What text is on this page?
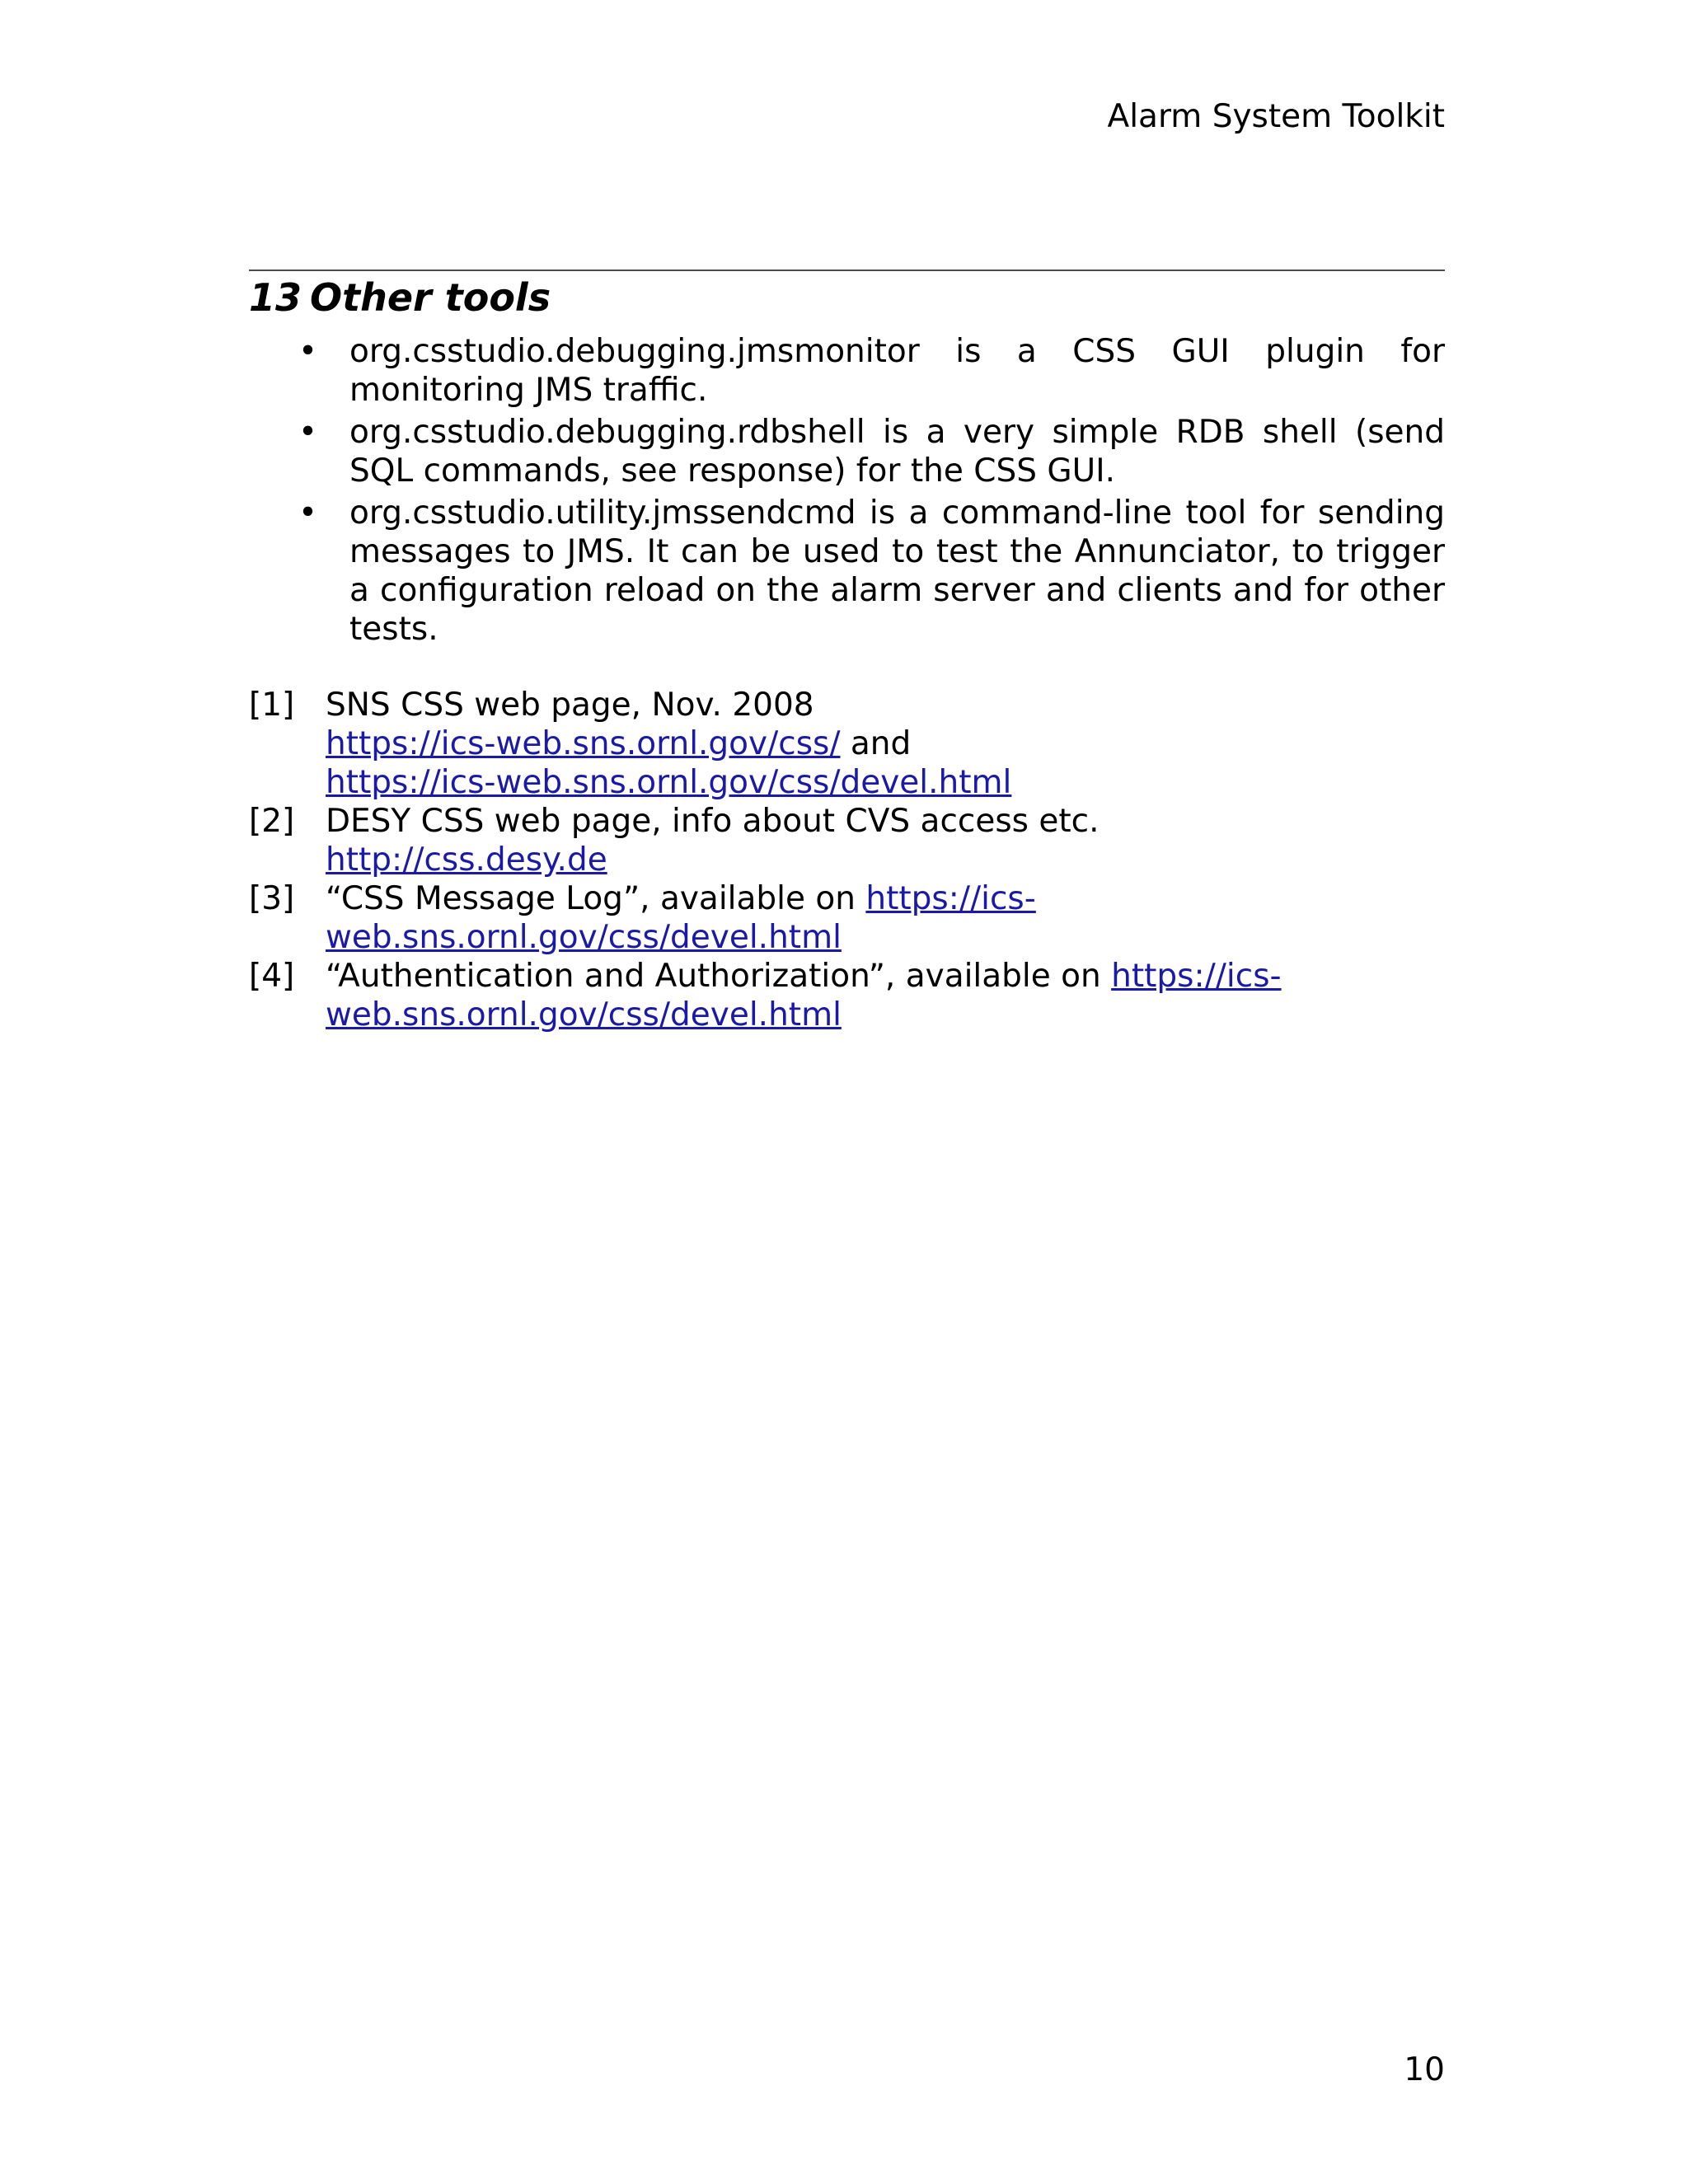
Alarm System Toolkit
13 Other tools
• org.csstudio.debugging.jmsmonitor is a CSS GUI plugin for monitoring JMS traffic.
• org.csstudio.debugging.rdbshell is a very simple RDB shell (send SQL commands, see response) for the CSS GUI.
• org.csstudio.utility.jmssendcmd is a command-line tool for sending messages to JMS. It can be used to test the Annunciator, to trigger a configuration reload on the alarm server and clients and for other tests.
[1] SNS CSS web page, Nov. 2008
https://ics-web.sns.ornl.gov/css/ and
https://ics-web.sns.ornl.gov/css/devel.html
[2] DESY CSS web page, info about CVS access etc.
http://css.desy.de
[3] “CSS Message Log”, available on https://ics-
web.sns.ornl.gov/css/devel.html
[4] “Authentication and Authorization”, available on https://ics-
web.sns.ornl.gov/css/devel.html
10
